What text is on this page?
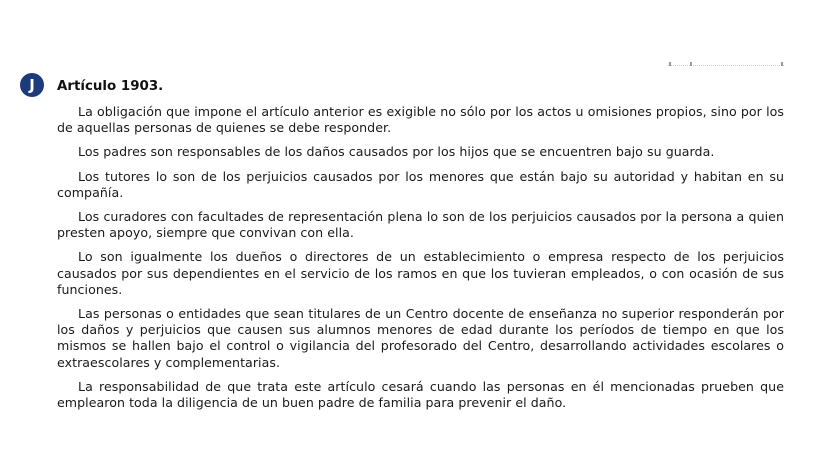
J	Artículo 1903.

La obligación que impone el artículo anterior es exigible no sólo por los actos u omisiones propios, sino por los de aquellas personas de quienes se debe responder.

Los padres son responsables de los daños causados por los hijos que se encuentren bajo su guarda.

Los tutores lo son de los perjuicios causados por los menores que están bajo su autoridad y habitan en su compañía.

Los curadores con facultades de representación plena lo son de los perjuicios causados por la persona a quien presten apoyo, siempre que convivan con ella.

Lo son igualmente los dueños o directores de un establecimiento o empresa respecto de los perjuicios causados por sus dependientes en el servicio de los ramos en que los tuvieran empleados, o con ocasión de sus funciones.

Las personas o entidades que sean titulares de un Centro docente de enseñanza no superior responderán por los daños y perjuicios que causen sus alumnos menores de edad durante los períodos de tiempo en que los mismos se hallen bajo el control o vigilancia del profesorado del Centro, desarrollando actividades escolares o extraescolares y complementarias.

La responsabilidad de que trata este artículo cesará cuando las personas en él mencionadas prueben que emplearon toda la diligencia de un buen padre de familia para prevenir el daño.
